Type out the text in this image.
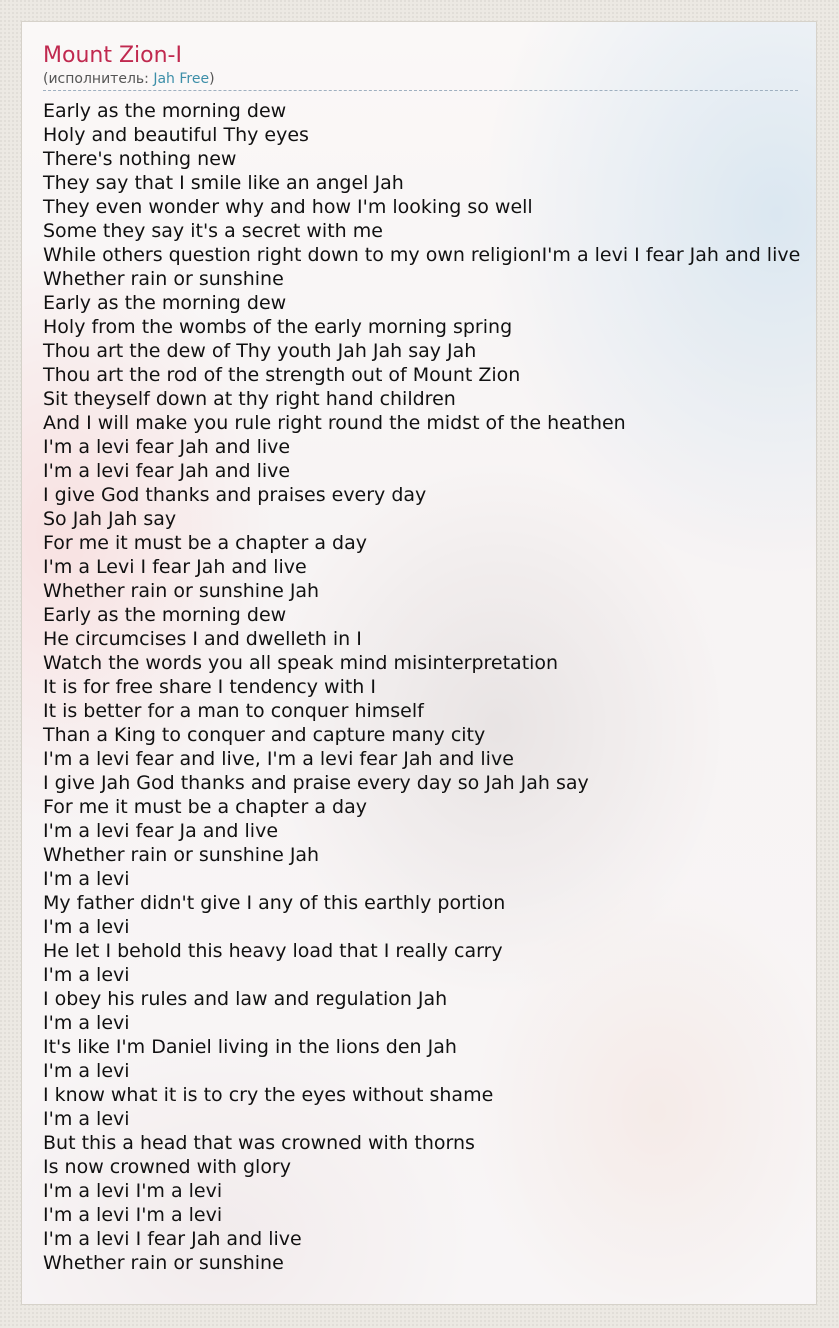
Mount Zion-I
(исполнитель: Jah Free)
Early as the morning dew
Holy and beautiful Thy eyes
There's nothing new
They say that I smile like an angel Jah
They even wonder why and how I'm looking so well
Some they say it's a secret with me
While others question right down to my own religionI'm a levi I fear Jah and live
Whether rain or sunshine
Early as the morning dew
Holy from the wombs of the early morning spring
Thou art the dew of Thy youth Jah Jah say Jah
Thou art the rod of the strength out of Mount Zion
Sit theyself down at thy right hand children
And I will make you rule right round the midst of the heathen
I'm a levi fear Jah and live
I'm a levi fear Jah and live
I give God thanks and praises every day
So Jah Jah say
For me it must be a chapter a day
I'm a Levi I fear Jah and live
Whether rain or sunshine Jah
Early as the morning dew
He circumcises I and dwelleth in I
Watch the words you all speak mind misinterpretation
It is for free share I tendency with I
It is better for a man to conquer himself
Than a King to conquer and capture many city
I'm a levi fear and live, I'm a levi fear Jah and live
I give Jah God thanks and praise every day so Jah Jah say
For me it must be a chapter a day
I'm a levi fear Ja and live
Whether rain or sunshine Jah
I'm a levi
My father didn't give I any of this earthly portion
I'm a levi
He let I behold this heavy load that I really carry
I'm a levi
I obey his rules and law and regulation Jah
I'm a levi
It's like I'm Daniel living in the lions den Jah
I'm a levi
I know what it is to cry the eyes without shame
I'm a levi
But this a head that was crowned with thorns
Is now crowned with glory
I'm a levi I'm a levi
I'm a levi I'm a levi
I'm a levi I fear Jah and live
Whether rain or sunshine
